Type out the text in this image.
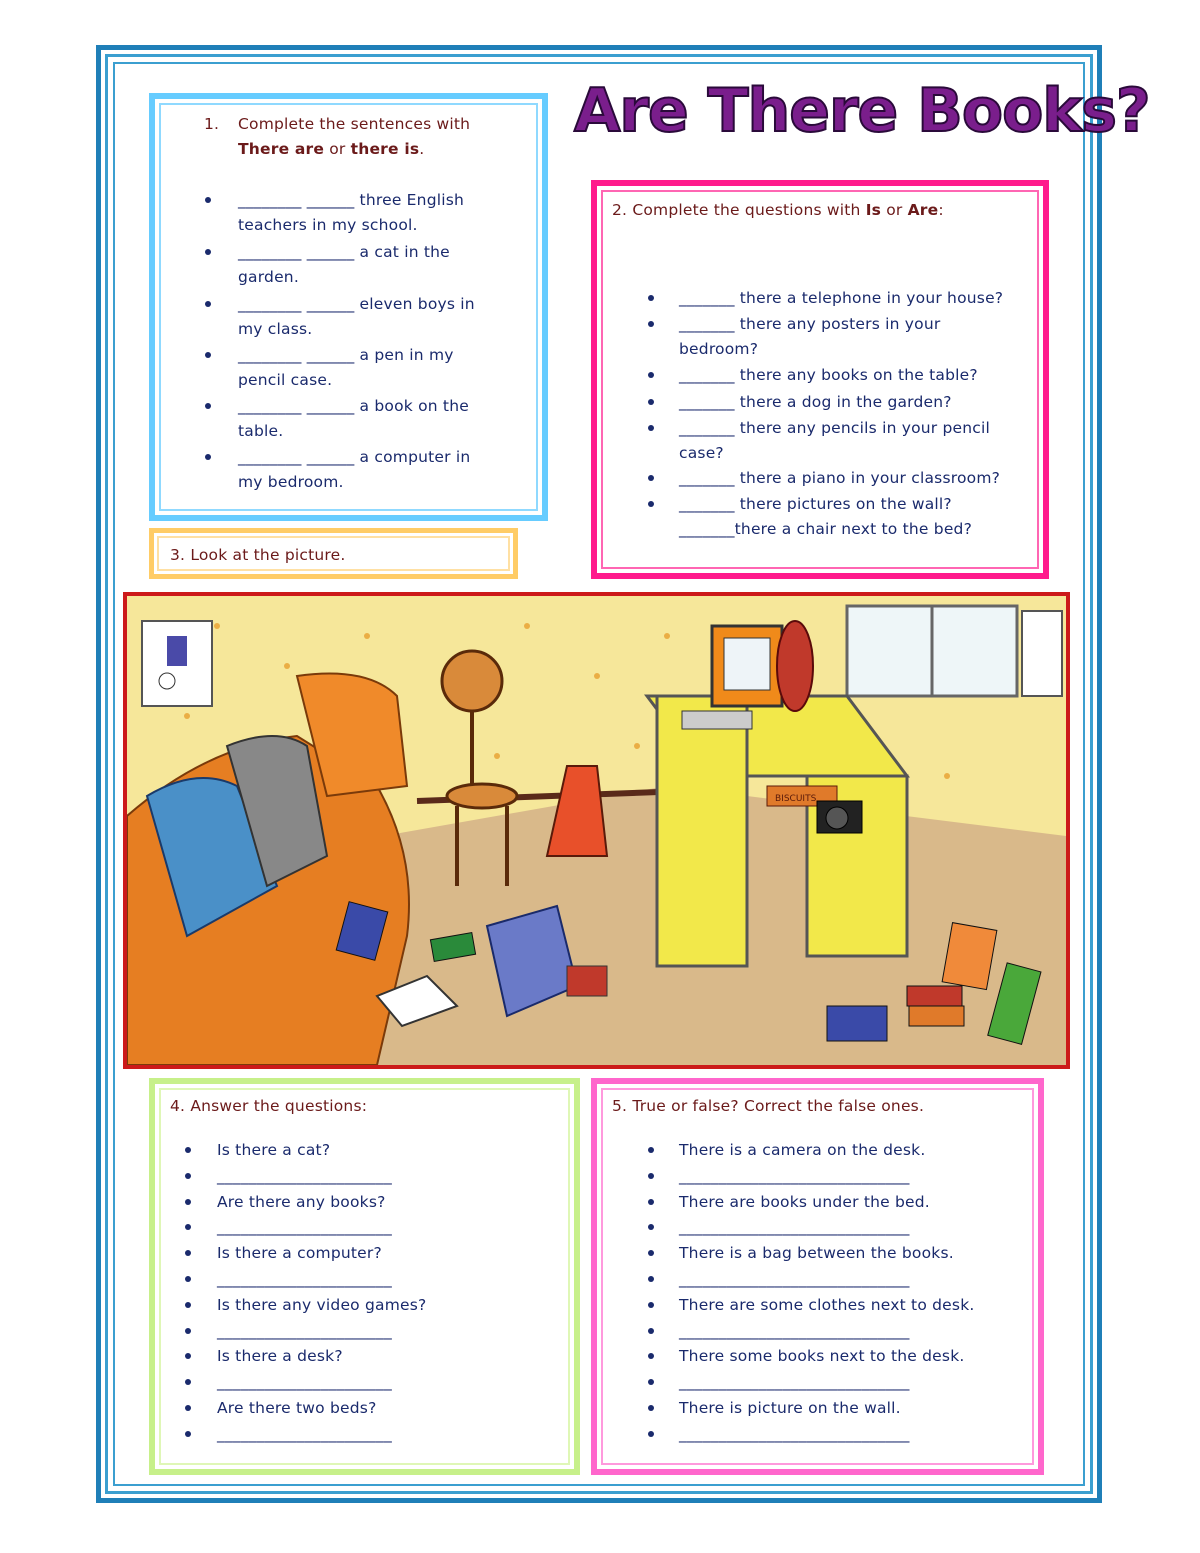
Are There Books?
1. Complete the sentences with
There are or there is.
________ ______ three English
teachers in my school.
________ ______ a cat in the
garden.
________ ______ eleven boys in
my class.
________ ______ a pen in my
pencil case.
________ ______ a book on the
table.
________ ______ a computer in
my bedroom.
2. Complete the questions with Is or Are:
_______ there a telephone in your house?
_______ there any posters in your
bedroom?
_______ there any books on the table?
_______ there a dog in the garden?
_______ there any pencils in your pencil
case?
_______ there a piano in your classroom?
_______ there pictures on the wall?
_______there a chair next to the bed?
3. Look at the picture.
BISCUITS
4. Answer the questions:
Is there a cat?
______________________
Are there any books?
______________________
Is there a computer?
______________________
Is there any video games?
______________________
Is there a desk?
______________________
Are there two beds?
______________________
5. True or false? Correct the false ones.
There is a camera on the desk.
_____________________________
There are books under the bed.
_____________________________
There is a bag between the books.
_____________________________
There are some clothes next to desk.
_____________________________
There some books next to the desk.
_____________________________
There is picture on the wall.
_____________________________
